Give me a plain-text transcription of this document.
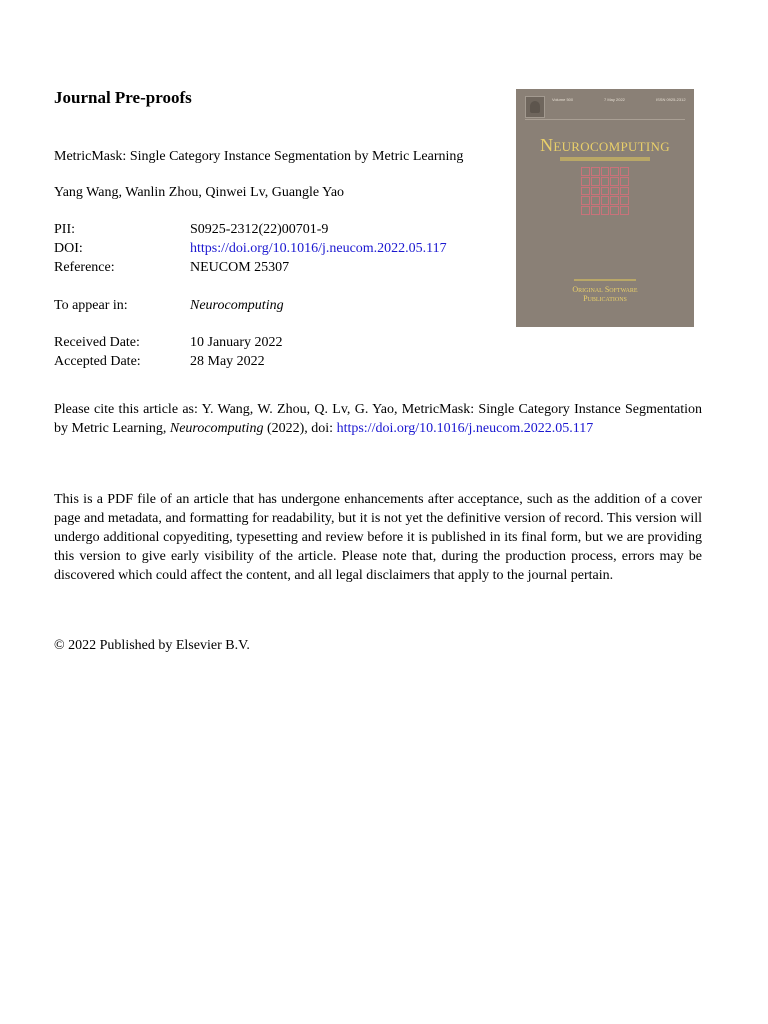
Journal Pre-proofs
MetricMask: Single Category Instance Segmentation by Metric Learning
Yang Wang, Wanlin Zhou, Qinwei Lv, Guangle Yao
PII:	S0925-2312(22)00701-9
DOI:	https://doi.org/10.1016/j.neucom.2022.05.117
Reference:	NEUCOM 25307
To appear in:	Neurocomputing
Received Date:	10 January 2022
Accepted Date:	28 May 2022
Please cite this article as: Y. Wang, W. Zhou, Q. Lv, G. Yao, MetricMask: Single Category Instance Segmentation by Metric Learning, Neurocomputing (2022), doi: https://doi.org/10.1016/j.neucom.2022.05.117
This is a PDF file of an article that has undergone enhancements after acceptance, such as the addition of a cover page and metadata, and formatting for readability, but it is not yet the definitive version of record. This version will undergo additional copyediting, typesetting and review before it is published in its final form, but we are providing this version to give early visibility of the article. Please note that, during the production process, errors may be discovered which could affect the content, and all legal disclaimers that apply to the journal pertain.
© 2022 Published by Elsevier B.V.
Volume 500	7 May 2022	ISSN 0925-2312
Neurocomputing
Original Software
Publications
